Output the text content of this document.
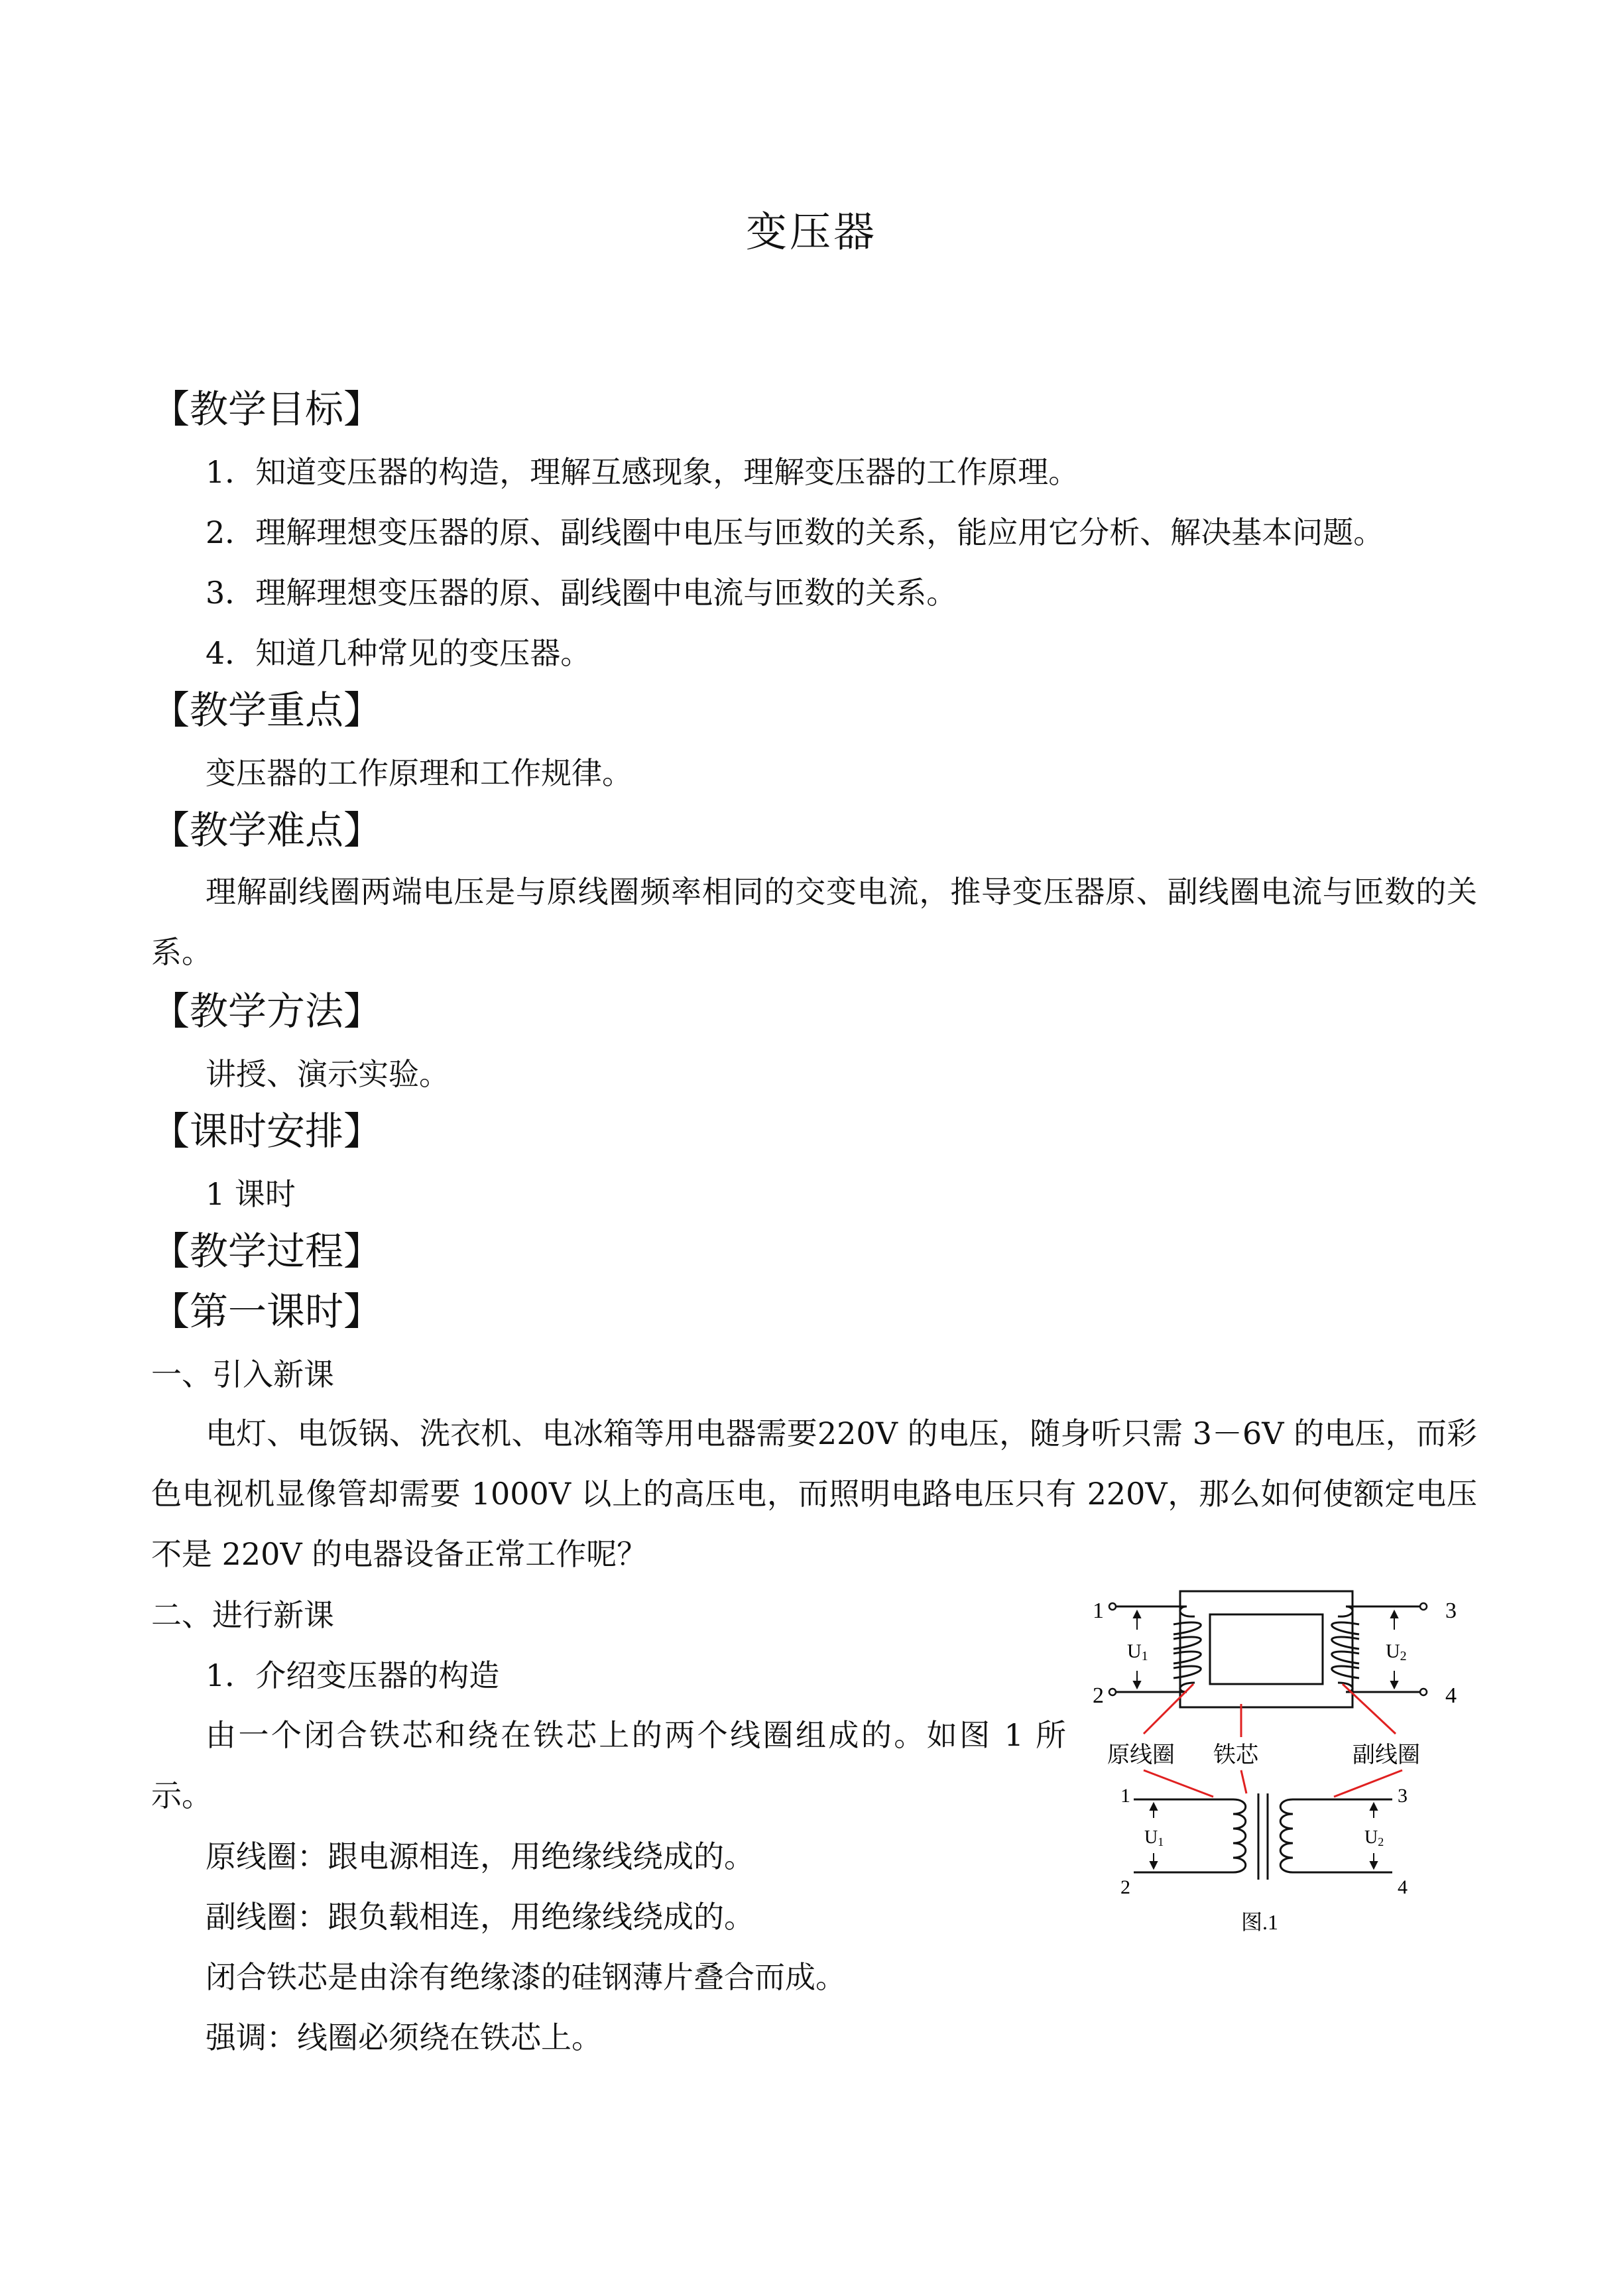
变压器
【教学目标】
1．知道变压器的构造，理解互感现象，理解变压器的工作原理。
2．理解理想变压器的原、副线圈中电压与匝数的关系，能应用它分析、解决基本问题。
3．理解理想变压器的原、副线圈中电流与匝数的关系。
4．知道几种常见的变压器。
【教学重点】
变压器的工作原理和工作规律。
【教学难点】
理解副线圈两端电压是与原线圈频率相同的交变电流，推导变压器原、副线圈电流与匝数的关系。
【教学方法】
讲授、演示实验。
【课时安排】
1 课时
【教学过程】
【第一课时】
一、引入新课
电灯、电饭锅、洗衣机、电冰箱等用电器需要220V 的电压，随身听只需 3－6V 的电压，而彩色电视机显像管却需要 1000V 以上的高压电，而照明电路电压只有 220V，那么如何使额定电压不是 220V 的电器设备正常工作呢？
二、进行新课
1．介绍变压器的构造
由一个闭合铁芯和绕在铁芯上的两个线圈组成的。如图 1 所示。
原线圈：跟电源相连，用绝缘线绕成的。
副线圈：跟负载相连，用绝缘线绕成的。
闭合铁芯是由涂有绝缘漆的硅钢薄片叠合而成。
强调：线圈必须绕在铁芯上。
1
2
3
4
U1	U2
原线圈 铁芯	副线圈
1
2
3
4
U1	U2
图.1
